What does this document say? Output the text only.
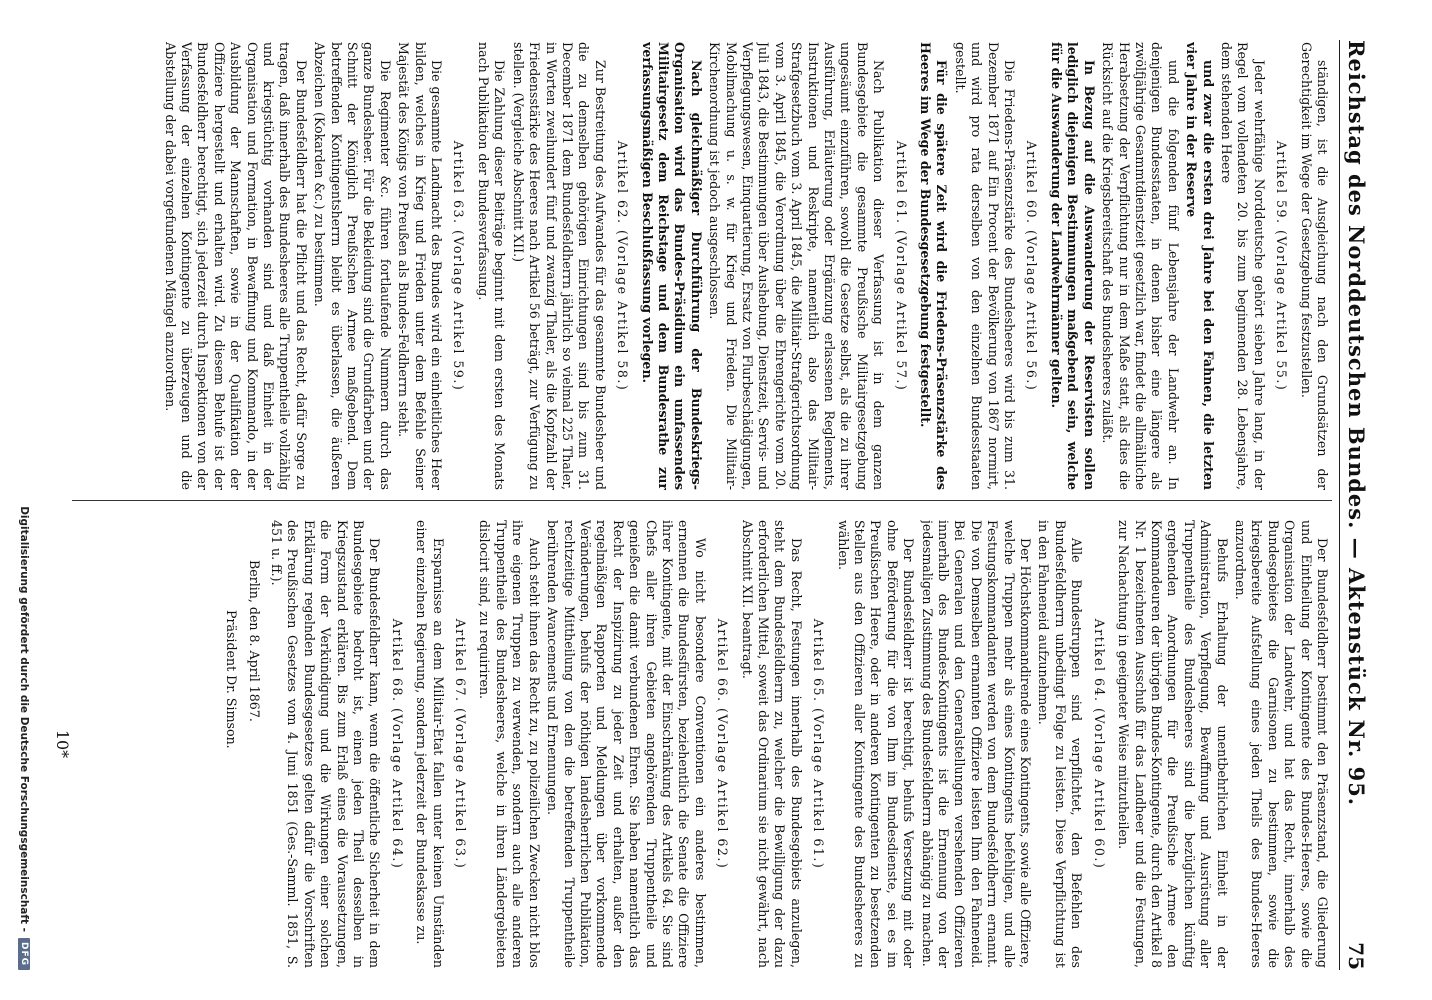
Reichstag des Norddeutschen Bundes. — Aktenstück Nr. 95.
75

ständigen, ist die Ausgleichung nach den Grundsätzen der Gerechtigkeit im Wege der Gesetzgebung festzustellen.

Artikel 59. (Vorlage Artikel 55.)

Jeder wehrfähige Norddeutsche gehört sieben Jahre lang, in der Regel vom vollendeten 20. bis zum beginnenden 28. Lebensjahre, dem stehenden Heere

und zwar die ersten drei Jahre bei den Fahnen, die letzten vier Jahre in der Reserve

und die folgenden fünf Lebensjahre der Landwehr an. In denjenigen Bundesstaaten, in denen bisher eine längere als zwölfjährige Gesammtdienstzeit gesetzlich war, findet die allmähliche Herabsetzung der Verpflichtung nur in dem Maße statt, als dies die Rücksicht auf die Kriegsbereitschaft des Bundesheeres zuläßt.

In Bezug auf die Auswanderung der Reservisten sollen lediglich diejenigen Bestimmungen maßgebend sein, welche für die Auswanderung der Landwehrmänner gelten.

Artikel 60. (Vorlage Artikel 56.)

Die Friedens-Präsenzstärke des Bundesheeres wird bis zum 31. Dezember 1871 auf Ein Procent der Bevölkerung von 1867 normirt, und wird pro rata derselben von den einzelnen Bundesstaaten gestellt.

Für die spätere Zeit wird die Friedens-Präsenzstärke des Heeres im Wege der Bundesgesetzgebung festgestellt.

Artikel 61. (Vorlage Artikel 57.)

Nach Publikation dieser Verfassung ist in dem ganzen Bundesgebiete die gesammte Preußische Militairgesetzgebung ungesäumt einzuführen, sowohl die Gesetze selbst, als die zu ihrer Ausführung, Erläuterung oder Ergänzung erlassenen Reglements, Instruktionen und Reskripte, namentlich also das Militair-Strafgesetzbuch vom 3. April 1845, die Militair-Strafgerichtsordnung vom 3. April 1845, die Verordnung über die Ehrengerichte vom 20. Juli 1843, die Bestimmungen über Aushebung, Dienstzeit, Servis- und Verpflegungswesen, Einquartierung, Ersatz von Flurbeschädigungen, Mobilmachung u. s. w. für Krieg und Frieden. Die Militair-Kirchenordnung ist jedoch ausgeschlossen.

Nach gleichmäßiger Durchführung der Bundeskriegs-Organisation wird das Bundes-Präsidium ein umfassendes Militairgesetz dem Reichstage und dem Bundesrathe zur verfassungsmäßigen Beschlußfassung vorlegen.

Artikel 62. (Vorlage Artikel 58.)

Zur Bestreitung des Aufwandes für das gesammte Bundesheer und die zu demselben gehörigen Einrichtungen sind bis zum 31. December 1871 dem Bundesfeldherrn jährlich so vielmal 225 Thaler, in Worten zweihundert fünf und zwanzig Thaler, als die Kopfzahl der Friedensstärke des Heeres nach Artikel 56 beträgt, zur Verfügung zu stellen. (Vergleiche Abschnitt XII.)

Die Zahlung dieser Beiträge beginnt mit dem ersten des Monats nach Publikation der Bundesverfassung.

Artikel 63. (Vorlage Artikel 59.)

Die gesammte Landmacht des Bundes wird ein einheitliches Heer bilden, welches in Krieg und Frieden unter dem Befehle Seiner Majestät des Königs von Preußen als Bundes-Feldherrn steht.

Die Regimenter &c. führen fortlaufende Nummern durch das ganze Bundesheer. Für die Bekleidung sind die Grundfarben und der Schnitt der Königlich Preußischen Armee maßgebend. Dem betreffenden Kontingentsherrn bleibt es überlassen, die äußeren Abzeichen (Kokarden &c.) zu bestimmen.

Der Bundesfeldherr hat die Pflicht und das Recht, dafür Sorge zu tragen, daß innerhalb des Bundesheeres alle Truppentheile vollzählig und kriegstüchtig vorhanden sind und daß Einheit in der Organisation und Formation, in Bewaffnung und Kommando, in der Ausbildung der Mannschaften, sowie in der Qualifikation der Offiziere hergestellt und erhalten wird. Zu diesem Behufe ist der Bundesfeldherr berechtigt, sich jederzeit durch Inspektionen von der Verfassung der einzelnen Kontingente zu überzeugen und die Abstellung der dabei vorgefundenen Mängel anzuordnen.

Der Bundesfeldherr bestimmt den Präsenzstand, die Gliederung und Eintheilung der Kontingente des Bundes-Heeres, sowie die Organisation der Landwehr, und hat das Recht, innerhalb des Bundesgebietes die Garnisonen zu bestimmen, sowie die kriegsbereite Aufstellung eines jeden Theils des Bundes-Heeres anzuordnen.

Behufs Erhaltung der unentbehrlichen Einheit in der Administration, Verpflegung, Bewaffnung und Ausrüstung aller Truppentheile des Bundesheeres sind die bezüglichen künftig ergehenden Anordnungen für die Preußische Armee den Kommandeuren der übrigen Bundes-Kontingente, durch den Artikel 8 Nr. 1 bezeichneten Ausschuß für das Landheer und die Festungen, zur Nachachtung in geeigneter Weise mitzutheilen.

Artikel 64. (Vorlage Artikel 60.)

Alle Bundestruppen sind verpflichtet, den Befehlen des Bundesfeldherrn unbedingt Folge zu leisten. Diese Verpflichtung ist in den Fahneneid aufzunehmen.

Der Höchstkommandirende eines Kontingents, sowie alle Offiziere, welche Truppen mehr als eines Kontingents befehligen, und alle Festungskommandanten werden von dem Bundesfeldherrn ernannt. Die von Demselben ernannten Offiziere leisten Ihm den Fahneneid. Bei Generalen und den Generalstellungen versehenden Offizieren innerhalb des Bundes-Kontingents ist die Ernennung von der jedesmaligen Zustimmung des Bundesfeldherrn abhängig zu machen.

Der Bundesfeldherr ist berechtigt, behufs Versetzung mit oder ohne Beförderung für die von Ihm im Bundesdienste, sei es im Preußischen Heere, oder in anderen Kontingenten zu besetzenden Stellen aus den Offizieren aller Kontingente des Bundesheeres zu wählen.

Artikel 65. (Vorlage Artikel 61.)

Das Recht, Festungen innerhalb des Bundesgebiets anzulegen, steht dem Bundesfeldherrn zu, welcher die Bewilligung der dazu erforderlichen Mittel, soweit das Ordinarium sie nicht gewährt, nach Abschnitt XII. beantragt.

Artikel 66. (Vorlage Artikel 62.)

Wo nicht besondere Conventionen ein anderes bestimmen, ernennen die Bundesfürsten, beziehentlich die Senate die Offiziere ihrer Kontingente, mit der Einschränkung des Artikels 64. Sie sind Chefs aller ihren Gebieten angehörenden Truppentheile und genießen die damit verbundenen Ehren. Sie haben namentlich das Recht der Inspizirung zu jeder Zeit und erhalten, außer den regelmäßigen Rapporten und Meldungen über vorkommende Veränderungen, behufs der nöthigen landesherrlichen Publikation, rechtzeitige Mittheilung von den die betreffenden Truppentheile berührenden Avancements und Ernennungen.

Auch steht ihnen das Recht zu, zu polizeilichen Zwecken nicht blos ihre eigenen Truppen zu verwenden, sondern auch alle anderen Truppentheile des Bundesheeres, welche in ihren Ländergebieten dislocirt sind, zu requiriren.

Artikel 67. (Vorlage Artikel 63.)

Ersparnisse an dem Militair-Etat fallen unter keinen Umständen einer einzelnen Regierung, sondern jederzeit der Bundeskasse zu.

Artikel 68. (Vorlage Artikel 64.)

Der Bundesfeldherr kann, wenn die öffentliche Sicherheit in dem Bundesgebiete bedroht ist, einen jeden Theil desselben in Kriegszustand erklären. Bis zum Erlaß eines die Voraussetzungen, die Form der Verkündigung und die Wirkungen einer solchen Erklärung regelnden Bundesgesetzes gelten dafür die Vorschriften des Preußischen Gesetzes vom 4. Juni 1851 (Ges.-Samml. 1851, S. 451 u. ff.).

Berlin, den 8. April 1867.

Präsident Dr. Simson.

10*
Digitalisierung gefördert durch die Deutsche Forschungsgemeinschaft -
DFG
